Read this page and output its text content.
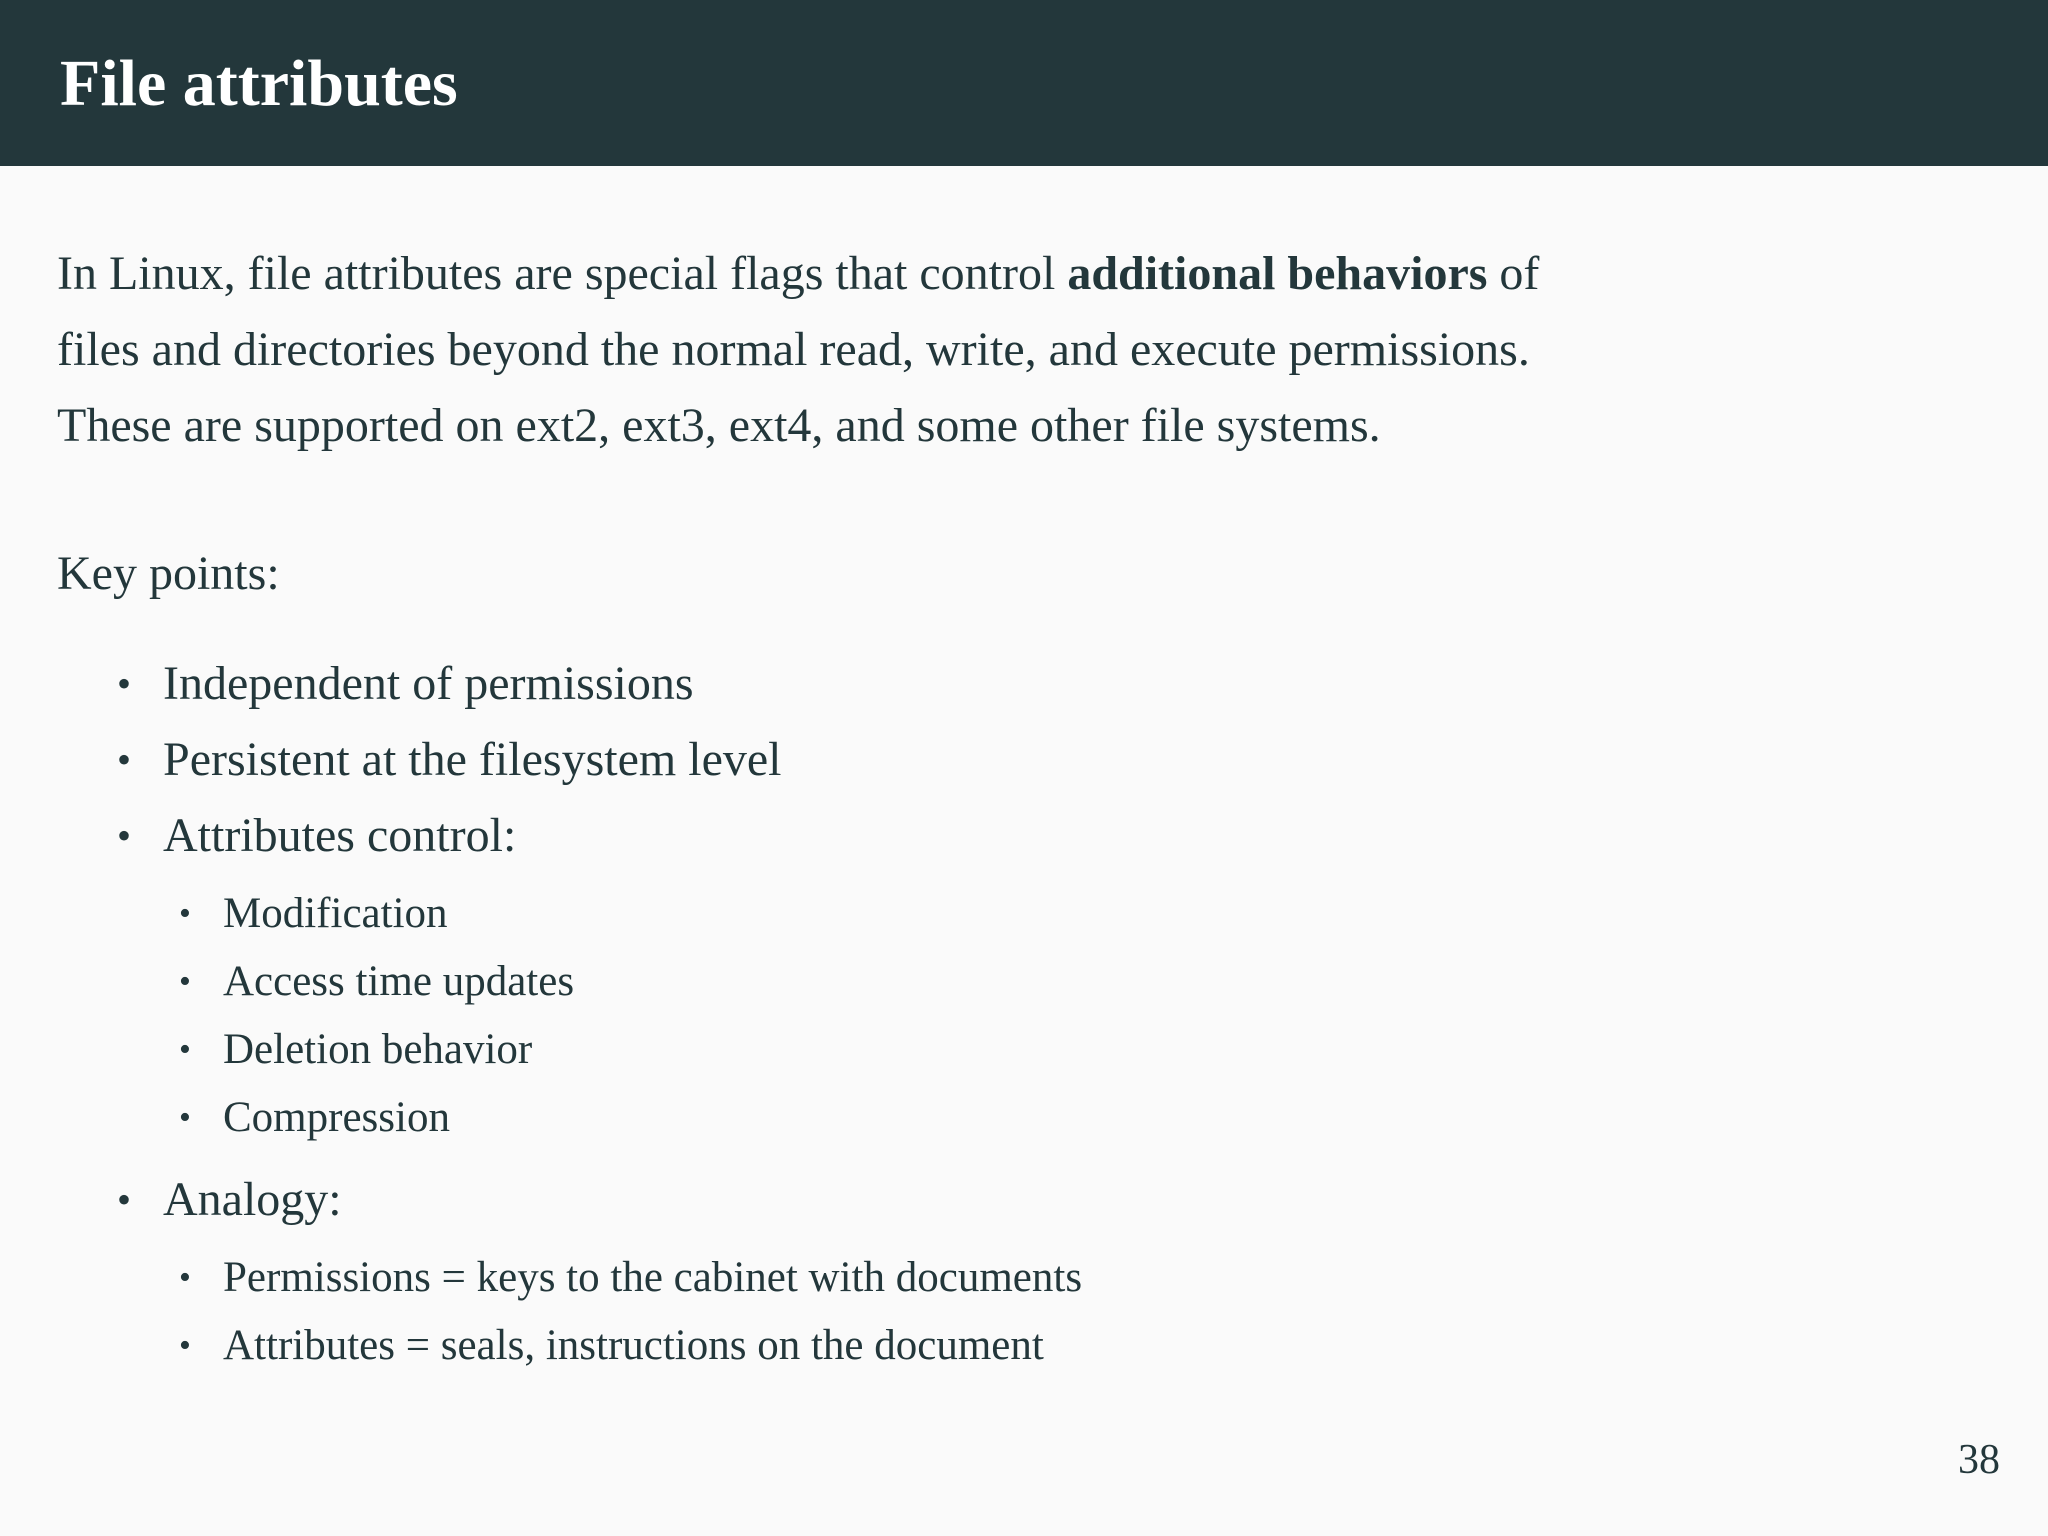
File attributes

In Linux, file attributes are special flags that control additional behaviors of
files and directories beyond the normal read, write, and execute permissions.
These are supported on ext2, ext3, ext4, and some other file systems.

Key points:
• Independent of permissions
• Persistent at the filesystem level
• Attributes control:
• Modification
• Access time updates
• Deletion behavior
• Compression
• Analogy:
• Permissions = keys to the cabinet with documents
• Attributes = seals, instructions on the document
38
